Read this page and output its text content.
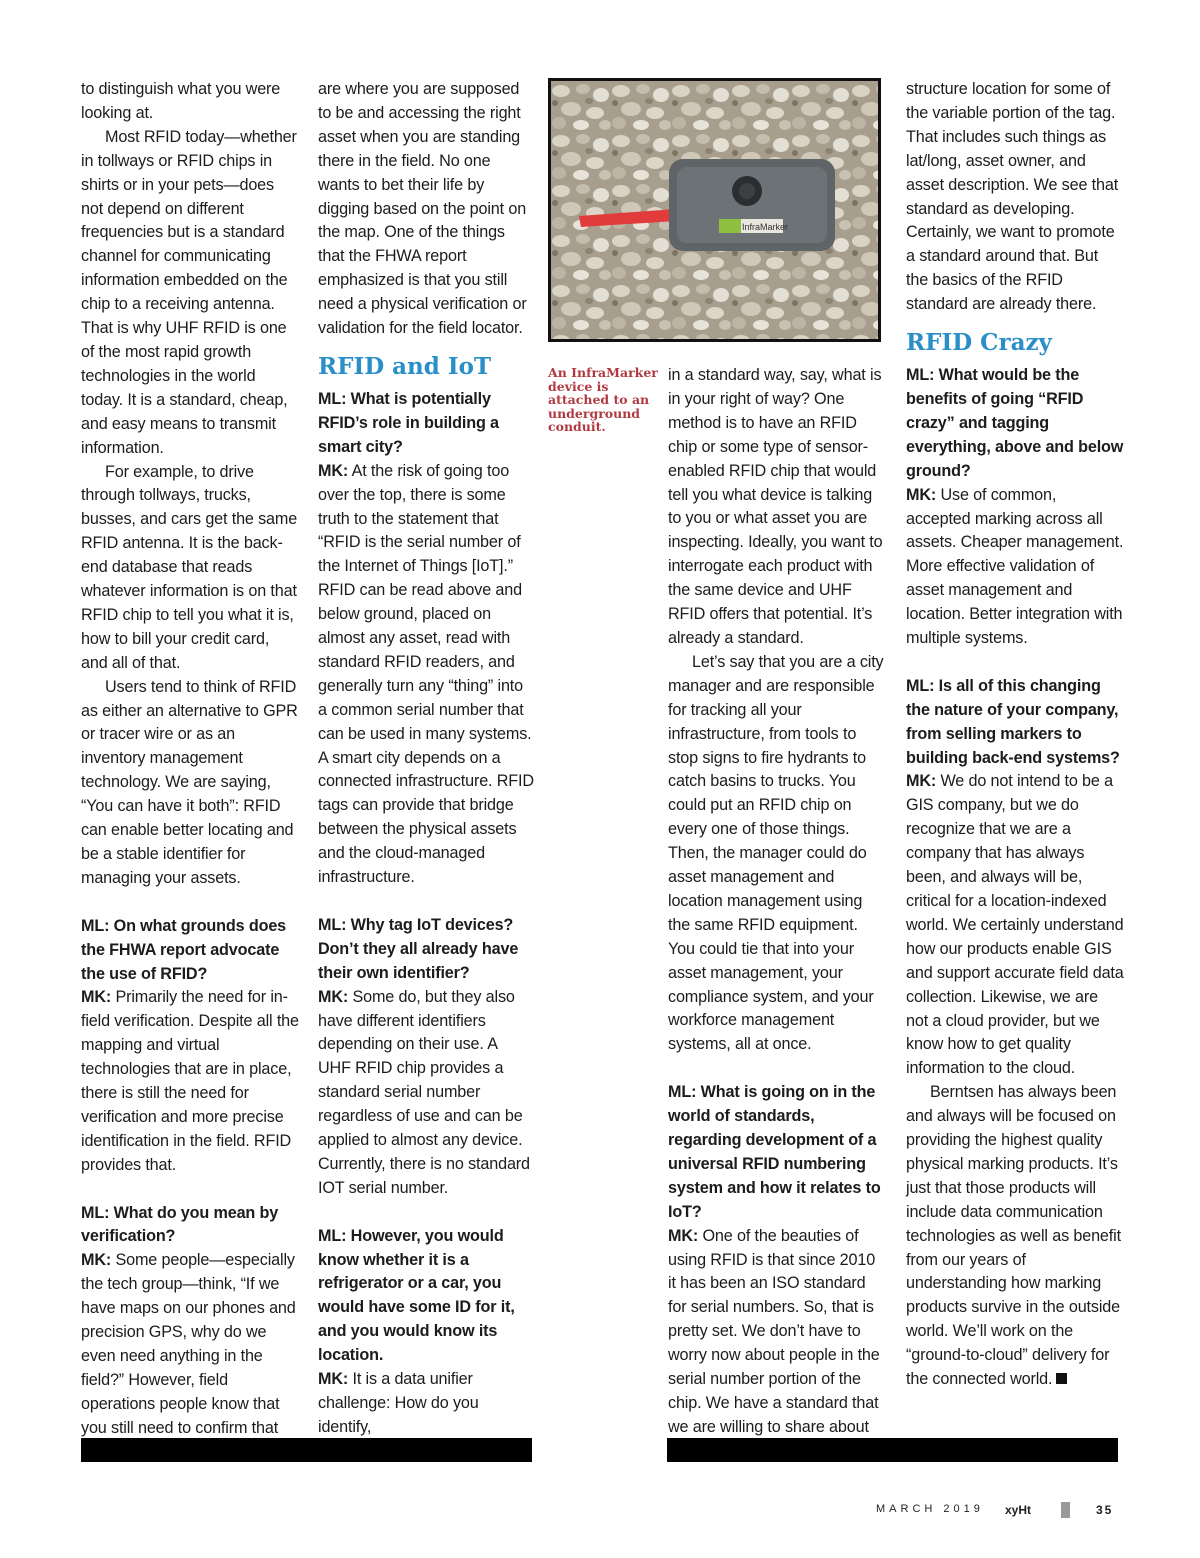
to distinguish what you were looking at.

Most RFID today—whether in tollways or RFID chips in shirts or in your pets—does not depend on different frequencies but is a standard channel for communicating information embedded on the chip to a receiving antenna. That is why UHF RFID is one of the most rapid growth technologies in the world today. It is a standard, cheap, and easy means to transmit information.

For example, to drive through tollways, trucks, busses, and cars get the same RFID antenna. It is the back-end database that reads whatever information is on that RFID chip to tell you what it is, how to bill your credit card, and all of that.

Users tend to think of RFID as either an alternative to GPR or tracer wire or as an inventory management technology. We are saying, “You can have it both”: RFID can enable better locating and be a stable identifier for managing your assets.

ML: On what grounds does the FHWA report advocate the use of RFID?

MK: Primarily the need for in-field verification. Despite all the mapping and virtual technologies that are in place, there is still the need for verification and more precise identification in the field. RFID provides that.

ML: What do you mean by verification?

MK: Some people—especially the tech group—think, “If we have maps on our phones and precision GPS, why do we even need anything in the field?” However, field operations people know that you still need to confirm that

are where you are supposed to be and accessing the right asset when you are standing there in the field. No one wants to bet their life by digging based on the point on the map. One of the things that the FHWA report emphasized is that you still need a physical verification or validation for the field locator.

RFID and IoT

ML: What is potentially RFID’s role in building a smart city?

MK: At the risk of going too over the top, there is some truth to the statement that “RFID is the serial number of the Internet of Things [IoT].” RFID can be read above and below ground, placed on almost any asset, read with standard RFID readers, and generally turn any “thing” into a common serial number that can be used in many systems. A smart city depends on a connected infrastructure. RFID tags can provide that bridge between the physical assets and the cloud-managed infrastructure.

ML: Why tag IoT devices? Don’t they all already have their own identifier?

MK: Some do, but they also have different identifiers depending on their use. A UHF RFID chip provides a standard serial number regardless of use and can be applied to almost any device. Currently, there is no standard IOT serial number.

ML: However, you would know whether it is a refrigerator or a car, you would have some ID for it, and you would know its location.

MK: It is a data unifier challenge: How do you identify,

InfraMarker
An InfraMarker device is attached to an underground conduit.

in a standard way, say, what is in your right of way? One method is to have an RFID chip or some type of sensor-enabled RFID chip that would tell you what device is talking to you or what asset you are inspecting. Ideally, you want to interrogate each product with the same device and UHF RFID offers that potential. It’s already a standard.

Let’s say that you are a city manager and are responsible for tracking all your infrastructure, from tools to stop signs to fire hydrants to catch basins to trucks. You could put an RFID chip on every one of those things. Then, the manager could do asset management and location management using the same RFID equipment. You could tie that into your asset management, your compliance system, and your workforce management systems, all at once.

ML: What is going on in the world of standards, regarding development of a universal RFID numbering system and how it relates to IoT?

MK: One of the beauties of using RFID is that since 2010 it has been an ISO standard for serial numbers. So, that is pretty set. We don’t have to worry now about people in the serial number portion of the chip. We have a standard that we are willing to share about

structure location for some of the variable portion of the tag. That includes such things as lat/long, asset owner, and asset description. We see that standard as developing. Certainly, we want to promote a standard around that. But the basics of the RFID standard are already there.

RFID Crazy

ML: What would be the benefits of going “RFID crazy” and tagging everything, above and below ground?

MK: Use of common, accepted marking across all assets. Cheaper management. More effective validation of asset management and location. Better integration with multiple systems.

ML: Is all of this changing the nature of your company, from selling markers to building back-end systems?

MK: We do not intend to be a GIS company, but we do recognize that we are a company that has always been, and always will be, critical for a location-indexed world. We certainly understand how our products enable GIS and support accurate field data collection. Likewise, we are not a cloud provider, but we know how to get quality information to the cloud.

Berntsen has always been and always will be focused on providing the highest quality physical marking products. It’s just that those products will include data communication technologies as well as benefit from our years of understanding how marking products survive in the outside world. We’ll work on the “ground-to-cloud” delivery for the connected world.

MARCH 2019 xyHt	35
